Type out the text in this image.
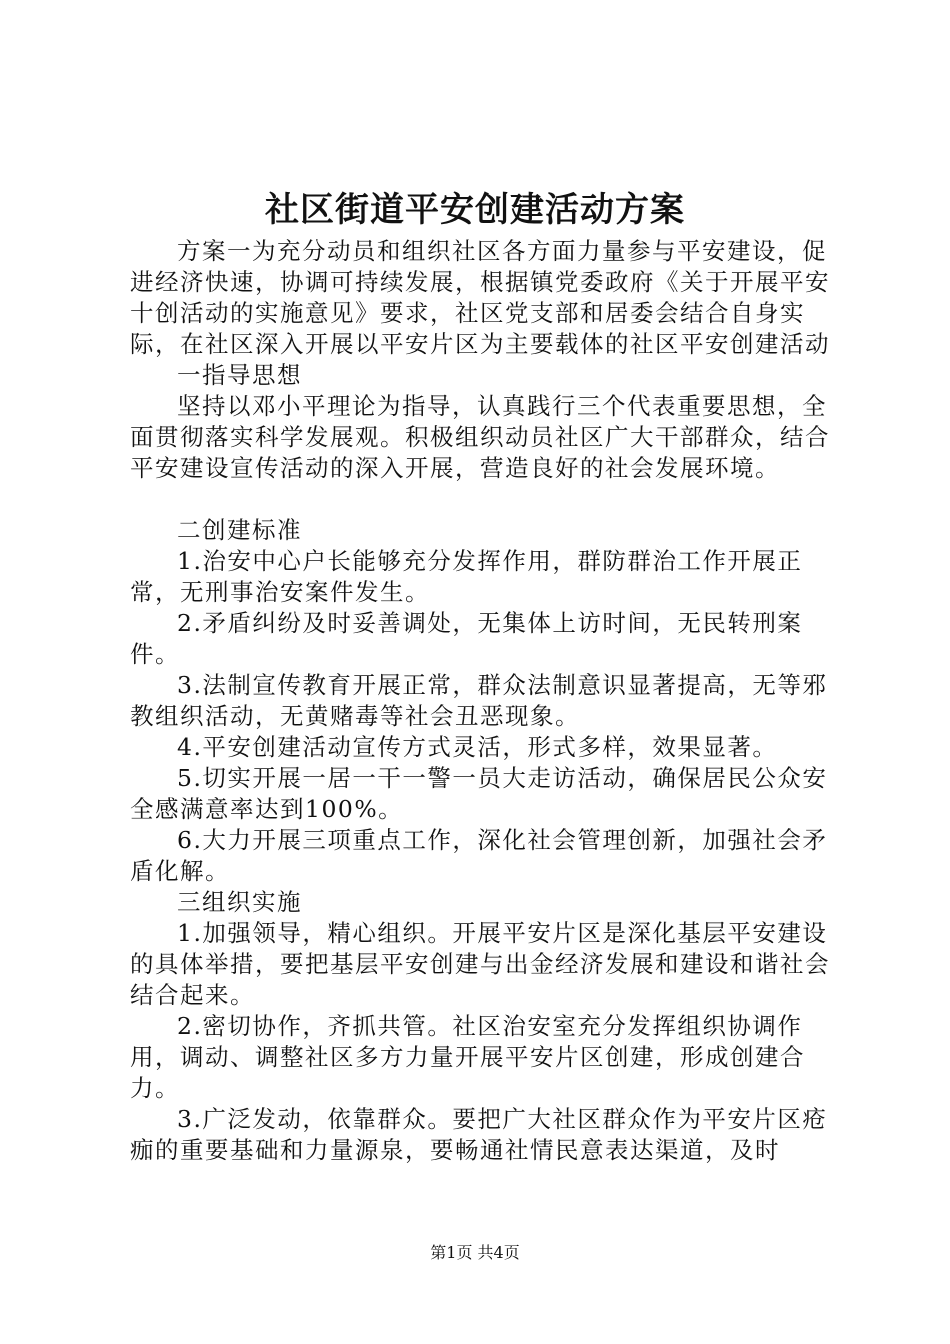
社区街道平安创建活动方案

方案一为充分动员和组织社区各方面力量参与平安建设，促进经济快速，协调可持续发展，根据镇党委政府《关于开展平安十创活动的实施意见》要求，社区党支部和居委会结合自身实际，在社区深入开展以平安片区为主要载体的社区平安创建活动

一指导思想

坚持以邓小平理论为指导，认真践行三个代表重要思想，全面贯彻落实科学发展观。积极组织动员社区广大干部群众，结合平安建设宣传活动的深入开展，营造良好的社会发展环境。

二创建标准

1.治安中心户长能够充分发挥作用，群防群治工作开展正常，无刑事治安案件发生。

2.矛盾纠纷及时妥善调处，无集体上访时间，无民转刑案件。

3.法制宣传教育开展正常，群众法制意识显著提高，无等邪教组织活动，无黄赌毒等社会丑恶现象。

4.平安创建活动宣传方式灵活，形式多样，效果显著。

5.切实开展一居一干一警一员大走访活动，确保居民公众安全感满意率达到100%。

6.大力开展三项重点工作，深化社会管理创新，加强社会矛盾化解。

三组织实施

1.加强领导，精心组织。开展平安片区是深化基层平安建设的具体举措，要把基层平安创建与出金经济发展和建设和谐社会结合起来。

2.密切协作，齐抓共管。社区治安室充分发挥组织协调作用，调动、调整社区多方力量开展平安片区创建，形成创建合力。

3.广泛发动，依靠群众。要把广大社区群众作为平安片区疮痂的重要基础和力量源泉，要畅通社情民意表达渠道，及时

第1页 共4页
